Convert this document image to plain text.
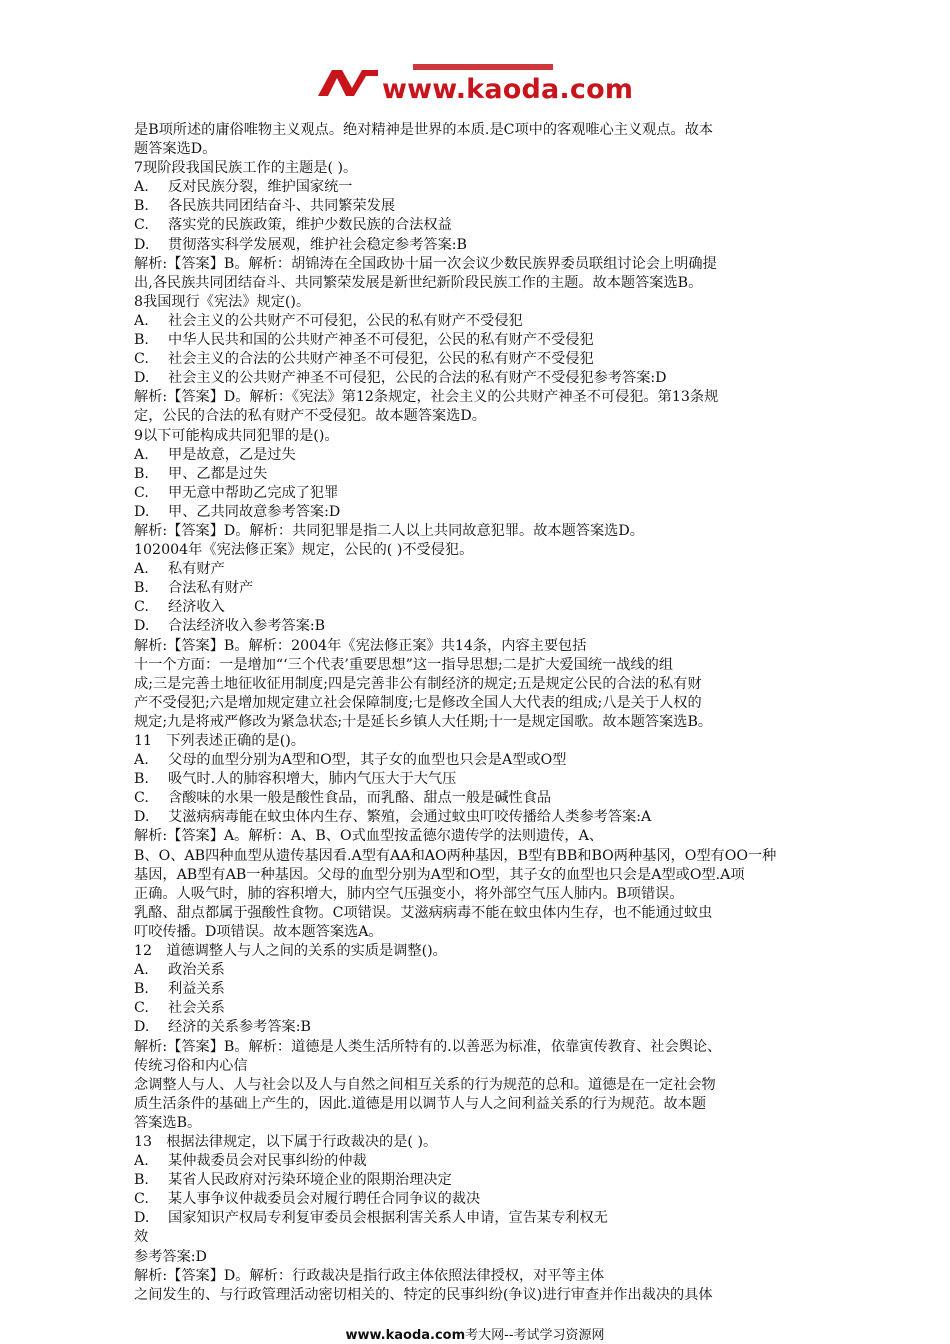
www.kaoda.com
是B项所述的庸俗唯物主义观点。绝对精神是世界的本质.是C项中的客观唯心主义观点。故本
题答案选D。
7现阶段我国民族工作的主题是( )。
A. 反对民族分裂，维护国家统一
B. 各民族共同团结奋斗、共同繁荣发展
C. 落实党的民族政策，维护少数民族的合法权益
D. 贯彻落实科学发展观，维护社会稳定参考答案:B
解析:【答案】B。解析：胡锦涛在全国政协十届一次会议少数民族界委员联组讨论会上明确提
出,各民族共同团结奋斗、共同繁荣发展是新世纪新阶段民族工作的主题。故本题答案选B。
8我国现行《宪法》规定()。
A. 社会主义的公共财产不可侵犯，公民的私有财产不受侵犯
B. 中华人民共和国的公共财产神圣不可侵犯，公民的私有财产不受侵犯
C. 社会主义的合法的公共财产神圣不可侵犯，公民的私有财产不受侵犯
D. 社会主义的公共财产神圣不可侵犯，公民的合法的私有财产不受侵犯参考答案:D
解析:【答案】D。解析：《宪法》第12条规定，社会主义的公共财产神圣不可侵犯。第13条规
定，公民的合法的私有财产不受侵犯。故本题答案选D。
9以下可能构成共同犯罪的是()。
A. 甲是故意，乙是过失
B. 甲、乙都是过失
C. 甲无意中帮助乙完成了犯罪
D. 甲、乙共同故意参考答案:D
解析:【答案】D。解析：共同犯罪是指二人以上共同故意犯罪。故本题答案选D。
102004年《宪法修正案》规定，公民的( )不受侵犯。
A. 私有财产
B. 合法私有财产
C. 经济收入
D. 合法经济收入参考答案:B
解析:【答案】B。解析：2004年《宪法修正案》共14条，内容主要包括
十一个方面：一是增加“‘三个代表’重要思想”这一指导思想;二是扩大爱国统一战线的组
成;三是完善土地征收征用制度;四是完善非公有制经济的规定;五是规定公民的合法的私有财
产不受侵犯;六是增加规定建立社会保障制度;七是修改全国人大代表的组成;八是关于人权的
规定;九是将戒严修改为紧急状态;十是延长乡镇人大任期;十一是规定国歌。故本题答案选B。
11　下列表述正确的是()。
A. 父母的血型分别为A型和O型，其子女的血型也只会是A型或O型
B. 吸气时.人的肺容积增大，肺内气压大于大气压
C. 含酸味的水果一般是酸性食品，而乳酪、甜点一般是碱性食品
D. 艾滋病病毒能在蚊虫体内生存、繁殖，会通过蚊虫叮咬传播给人类参考答案:A
解析:【答案】A。解析：A、B、O式血型按孟德尔遗传学的法则遗传，A、
B、O、AB四种血型从遗传基因看.A型有AA和AO两种基因，B型有BB和BO两种基冈，O型有OO一种
基因，AB型有AB一种基因。父母的血型分别为A型和O型，其子女的血型也只会是A型或O型.A项
正确。人吸气时，肺的容积增大，肺内空气压强变小，将外部空气压人肺内。B项错误。
乳酪、甜点都属于强酸性食物。C项错误。艾滋病病毒不能在蚊虫体内生存，也不能通过蚊虫
叮咬传播。D项错误。故本题答案选A。
12　道德调整人与人之间的关系的实质是调整()。
A. 政治关系
B. 利益关系
C. 社会关系
D. 经济的关系参考答案:B
解析:【答案】B。解析：道德是人类生活所特有的.以善恶为标准，依靠寅传教育、社会舆论、
传统习俗和内心信
念调整人与人、人与社会以及人与自然之间相互关系的行为规范的总和。道德是在一定社会物
质生活条件的基础上产生的，因此.道德是用以调节人与人之间利益关系的行为规范。故本题
答案选B。
13　根据法律规定，以下属于行政裁决的是( )。
A. 某仲裁委员会对民事纠纷的仲裁
B. 某省人民政府对污染环境企业的限期治理决定
C. 某人事争议仲裁委员会对履行聘任合同争议的裁决
D. 国家知识产权局专利复审委员会根据利害关系人申请，宣告某专利权无
效
参考答案:D
解析:【答案】D。解析：行政裁决是指行政主体依照法律授权，对平等主体
之间发生的、与行政管理活动密切相关的、特定的民事纠纷(争议)进行审查并作出裁决的具体
www.kaoda.com考大网--考试学习资源网
